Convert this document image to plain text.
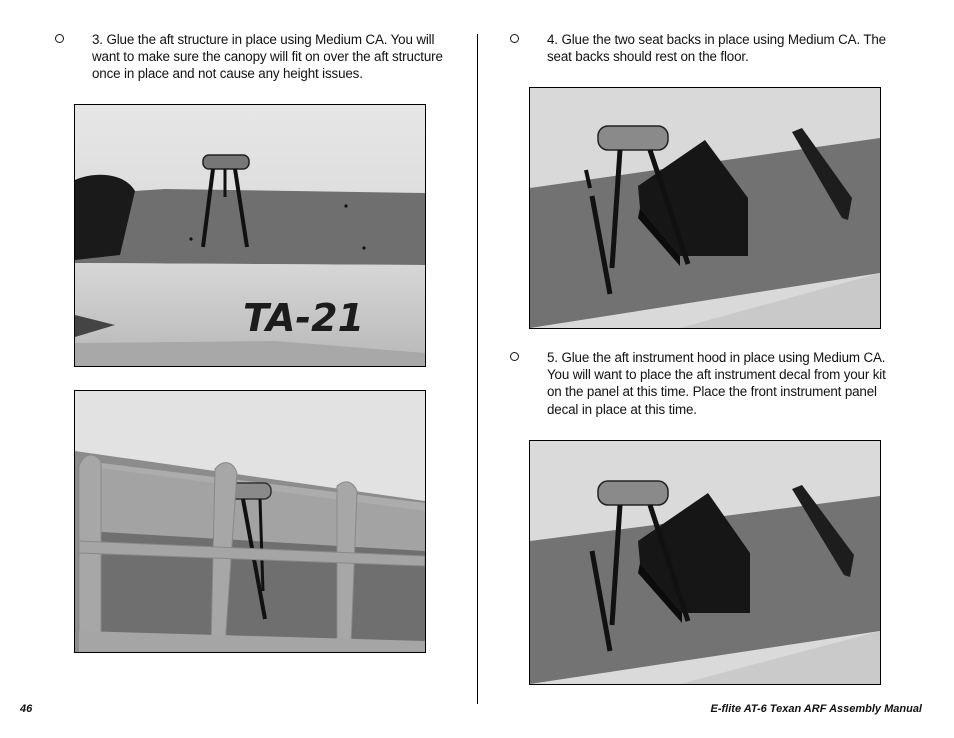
3. Glue the aft structure in place using Medium CA. You will want to make sure the canopy will fit on over the aft structure once in place and not cause any height issues.
TA-21
4. Glue the two seat backs in place using Medium CA. The seat backs should rest on the floor.
5. Glue the aft instrument hood in place using Medium CA. You will want to place the aft instrument decal from your kit on the panel at this time. Place the front instrument panel decal in place at this time.
46	E-flite AT-6 Texan ARF Assembly Manual
